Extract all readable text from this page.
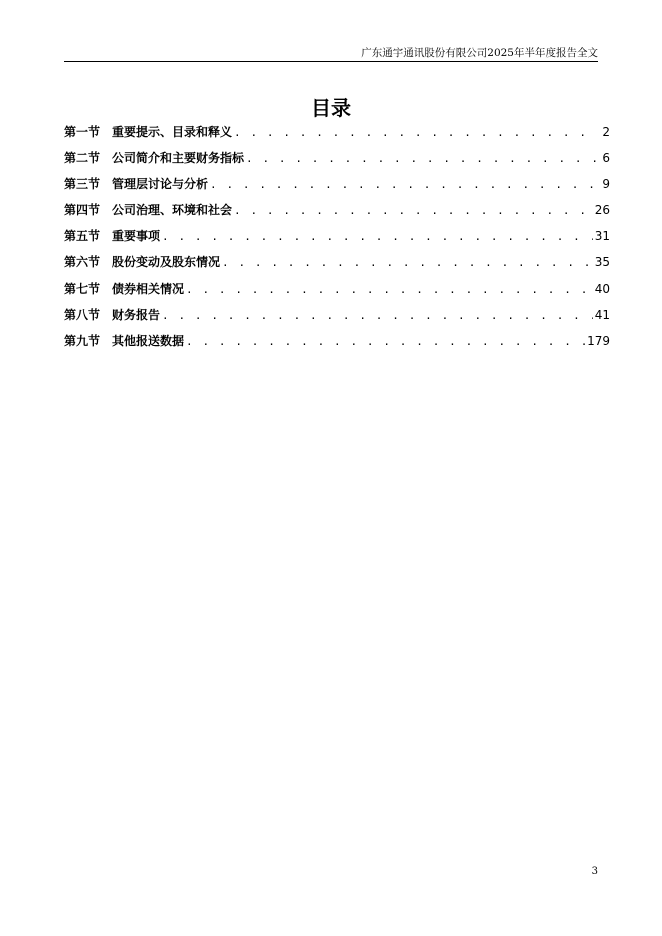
广东通宇通讯股份有限公司2025年半年度报告全文
目录
第一节 重要提示、目录和释义 . . .	2
第二节 公司简介和主要财务指标 . . .	6
第三节 管理层讨论与分析 . . .	9
第四节 公司治理、环境和社会 . . .	26
第五节 重要事项 . . .	31
第六节 股份变动及股东情况 . . .	35
第七节 债券相关情况 . . .	40
第八节 财务报告 . . .	41
第九节 其他报送数据 . . .	179
3
